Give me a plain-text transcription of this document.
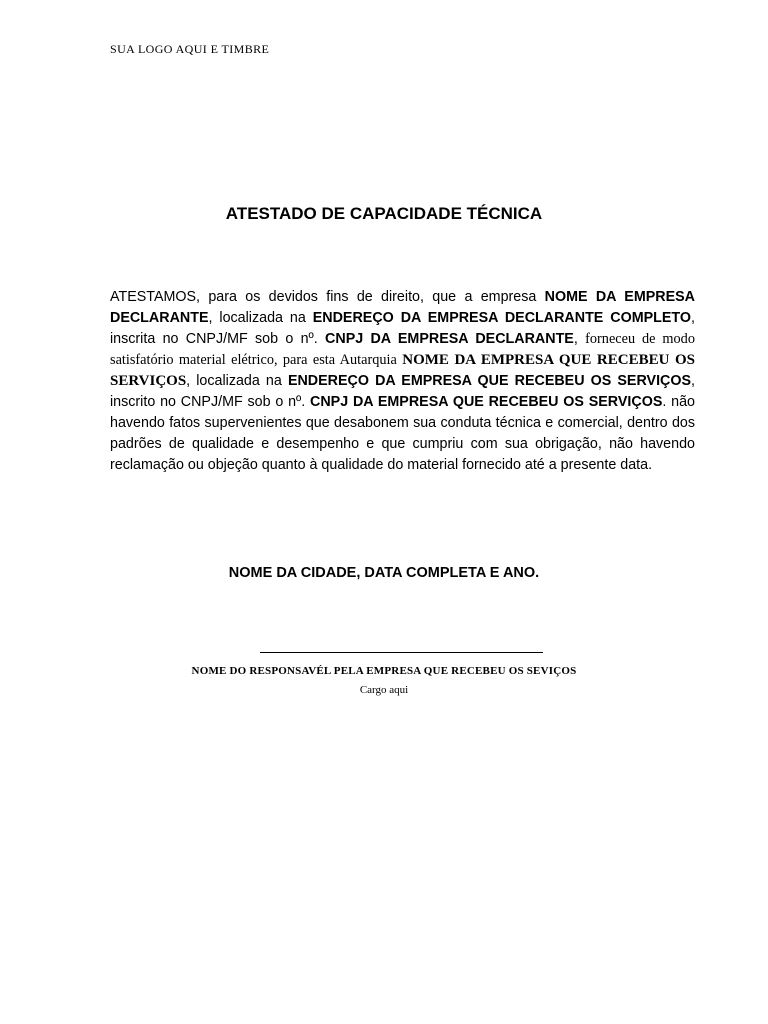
SUA LOGO AQUI E TIMBRE
ATESTADO DE CAPACIDADE TÉCNICA

ATESTAMOS, para os devidos fins de direito, que a empresa NOME DA EMPRESA DECLARANTE, localizada na ENDEREÇO DA EMPRESA DECLARANTE COMPLETO, inscrita no CNPJ/MF sob o nº. CNPJ DA EMPRESA DECLARANTE, forneceu de modo satisfatório material elétrico, para esta Autarquia NOME DA EMPRESA QUE RECEBEU OS SERVIÇOS, localizada na ENDEREÇO DA EMPRESA QUE RECEBEU OS SERVIÇOS, inscrito no CNPJ/MF sob o nº. CNPJ DA EMPRESA QUE RECEBEU OS SERVIÇOS. não havendo fatos supervenientes que desabonem sua conduta técnica e comercial, dentro dos padrões de qualidade e desempenho e que cumpriu com sua obrigação, não havendo reclamação ou objeção quanto à qualidade do material fornecido até a presente data.

NOME DA CIDADE, DATA COMPLETA E ANO.
NOME DO RESPONSAVÉL PELA EMPRESA QUE RECEBEU OS SEVIÇOS
Cargo aqui
